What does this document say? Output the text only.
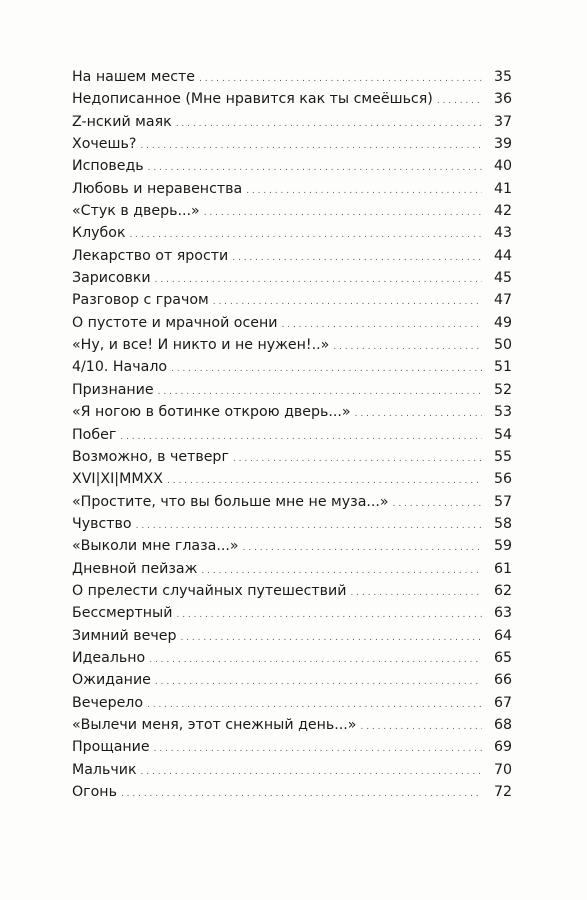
На нашем месте . . .	35
Недописанное (Мне нравится как ты смеёшься) . . .	36
Z-нский маяк . . .	37
Хочешь? . . .	39
Исповедь . . .	40
Любовь и неравенства . . .	41
«Стук в дверь...» . . .	42
Клубок . . .	43
Лекарство от ярости . . .	44
Зарисовки . . .	45
Разговор с грачом . . .	47
О пустоте и мрачной осени . . .	49
«Ну, и все! И никто и не нужен!..» . . .	50
4/10. Начало . . .	51
Признание . . .	52
«Я ногою в ботинке открою дверь...» . . .	53
Побег . . .	54
Возможно, в четверг . . .	55
XVI|XI|MMXX . . .	56
«Простите, что вы больше мне не муза...» . . .	57
Чувство . . .	58
«Выколи мне глаза...» . . .	59
Дневной пейзаж . . .	61
О прелести случайных путешествий . . .	62
Бессмертный . . .	63
Зимний вечер . . .	64
Идеально . . .	65
Ожидание . . .	66
Вечерело . . .	67
«Вылечи меня, этот снежный день...» . . .	68
Прощание . . .	69
Мальчик . . .	70
Огонь . . .	72
